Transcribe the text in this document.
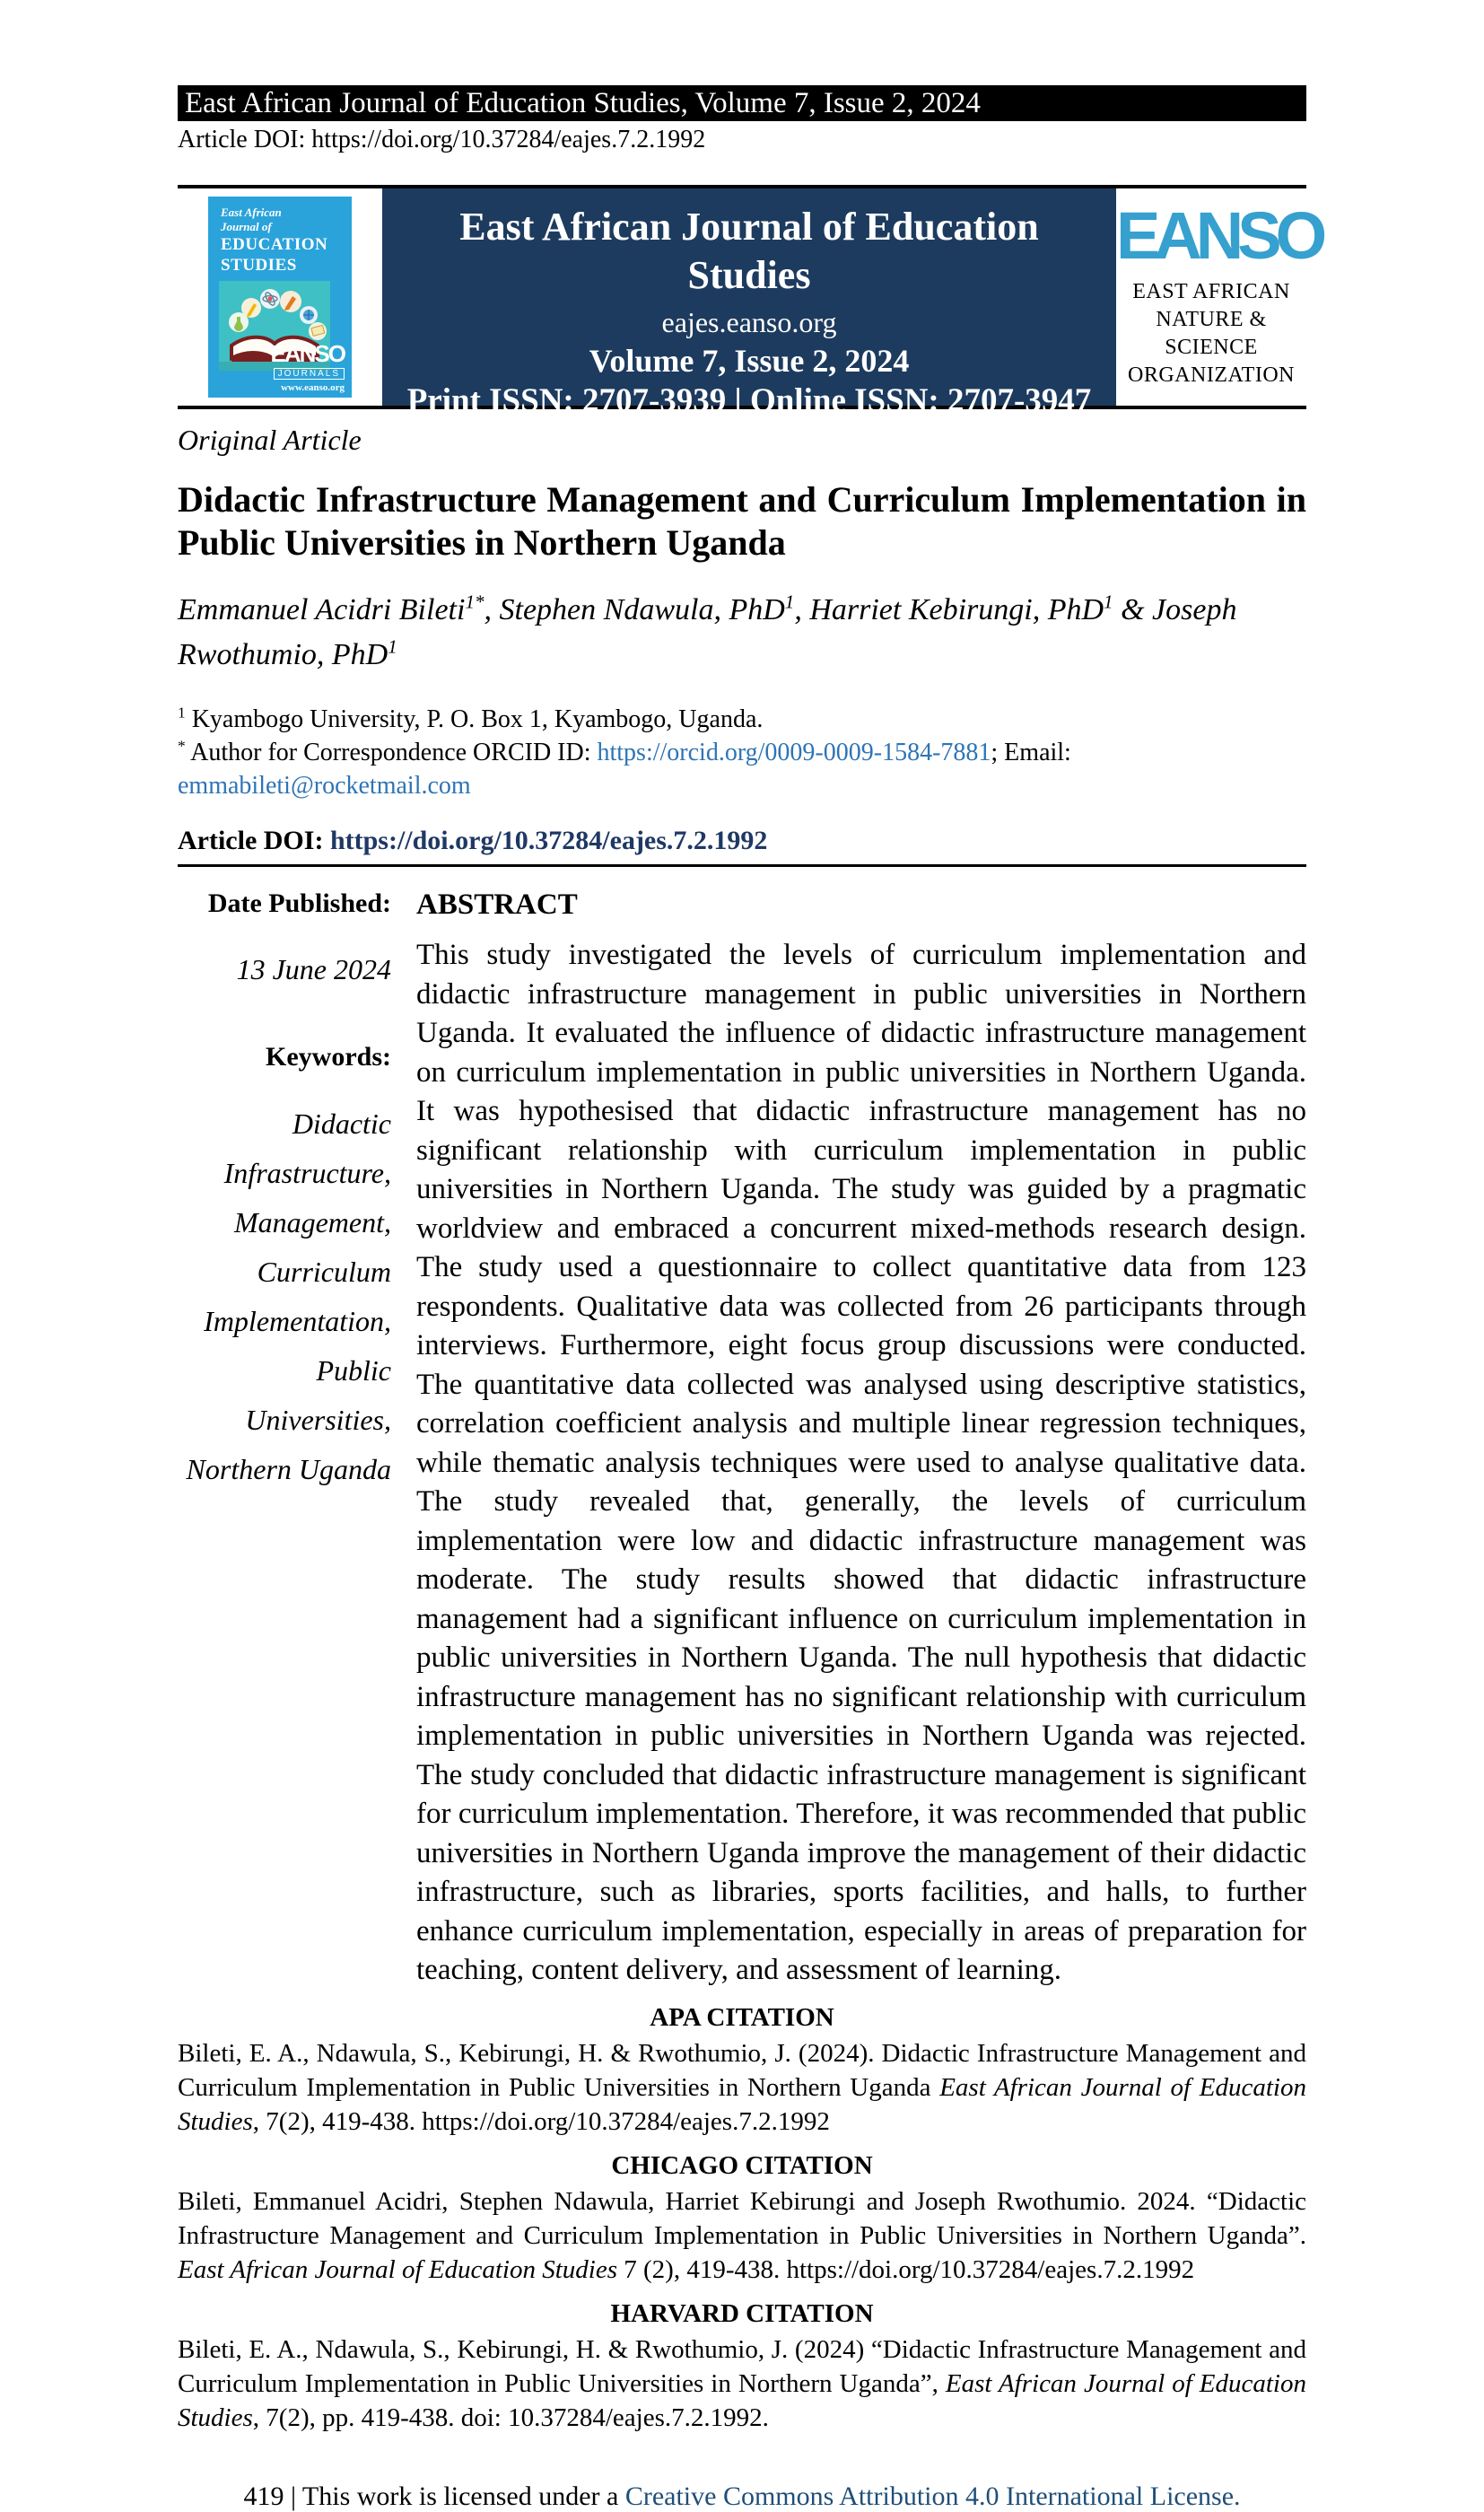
East African Journal of Education Studies, Volume 7, Issue 2, 2024
Article DOI: https://doi.org/10.37284/eajes.7.2.1992
East African
Journal of
EDUCATION
STUDIES
EANSO
JOURNALS
www.eanso.org
East African Journal of Education Studies
eajes.eanso.org
Volume 7, Issue 2, 2024
Print ISSN: 2707-3939 | Online ISSN: 2707-3947
Title DOI: https://doi.org/10.37284/2707-3947
EANSO
EAST AFRICAN
NATURE &
SCIENCE
ORGANIZATION
Original Article
Didactic Infrastructure Management and Curriculum Implementation in Public Universities in Northern Uganda
Emmanuel Acidri Bileti$^{1*}$, Stephen Ndawula, PhD$^1$, Harriet Kebirungi, PhD$^1$ & Joseph Rwothumio, PhD$^1$
$^1$ Kyambogo University, P. O. Box 1, Kyambogo, Uganda.
* Author for Correspondence ORCID ID: https://orcid.org/0009-0009-1584-7881; Email: emmabileti@rocketmail.com
Article DOI: https://doi.org/10.37284/eajes.7.2.1992
Date Published:
13 June 2024
Keywords:
Didactic Infrastructure, Management, Curriculum Implementation, Public Universities, Northern Uganda
ABSTRACT
This study investigated the levels of curriculum implementation and didactic infrastructure management in public universities in Northern Uganda. It evaluated the influence of didactic infrastructure management on curriculum implementation in public universities in Northern Uganda. It was hypothesised that didactic infrastructure management has no significant relationship with curriculum implementation in public universities in Northern Uganda. The study was guided by a pragmatic worldview and embraced a concurrent mixed-methods research design. The study used a questionnaire to collect quantitative data from 123 respondents. Qualitative data was collected from 26 participants through interviews. Furthermore, eight focus group discussions were conducted. The quantitative data collected was analysed using descriptive statistics, correlation coefficient analysis and multiple linear regression techniques, while thematic analysis techniques were used to analyse qualitative data. The study revealed that, generally, the levels of curriculum implementation were low and didactic infrastructure management was moderate. The study results showed that didactic infrastructure management had a significant influence on curriculum implementation in public universities in Northern Uganda. The null hypothesis that didactic infrastructure management has no significant relationship with curriculum implementation in public universities in Northern Uganda was rejected. The study concluded that didactic infrastructure management is significant for curriculum implementation. Therefore, it was recommended that public universities in Northern Uganda improve the management of their didactic infrastructure, such as libraries, sports facilities, and halls, to further enhance curriculum implementation, especially in areas of preparation for teaching, content delivery, and assessment of learning.
APA CITATION
Bileti, E. A., Ndawula, S., Kebirungi, H. & Rwothumio, J. (2024). Didactic Infrastructure Management and Curriculum Implementation in Public Universities in Northern Uganda East African Journal of Education Studies, 7(2), 419-438. https://doi.org/10.37284/eajes.7.2.1992
CHICAGO CITATION
Bileti, Emmanuel Acidri, Stephen Ndawula, Harriet Kebirungi and Joseph Rwothumio. 2024. “Didactic Infrastructure Management and Curriculum Implementation in Public Universities in Northern Uganda”. East African Journal of Education Studies 7 (2), 419-438. https://doi.org/10.37284/eajes.7.2.1992
HARVARD CITATION
Bileti, E. A., Ndawula, S., Kebirungi, H. & Rwothumio, J. (2024) “Didactic Infrastructure Management and Curriculum Implementation in Public Universities in Northern Uganda”, East African Journal of Education Studies, 7(2), pp. 419-438. doi: 10.37284/eajes.7.2.1992.
419 | This work is licensed under a Creative Commons Attribution 4.0 International License.
